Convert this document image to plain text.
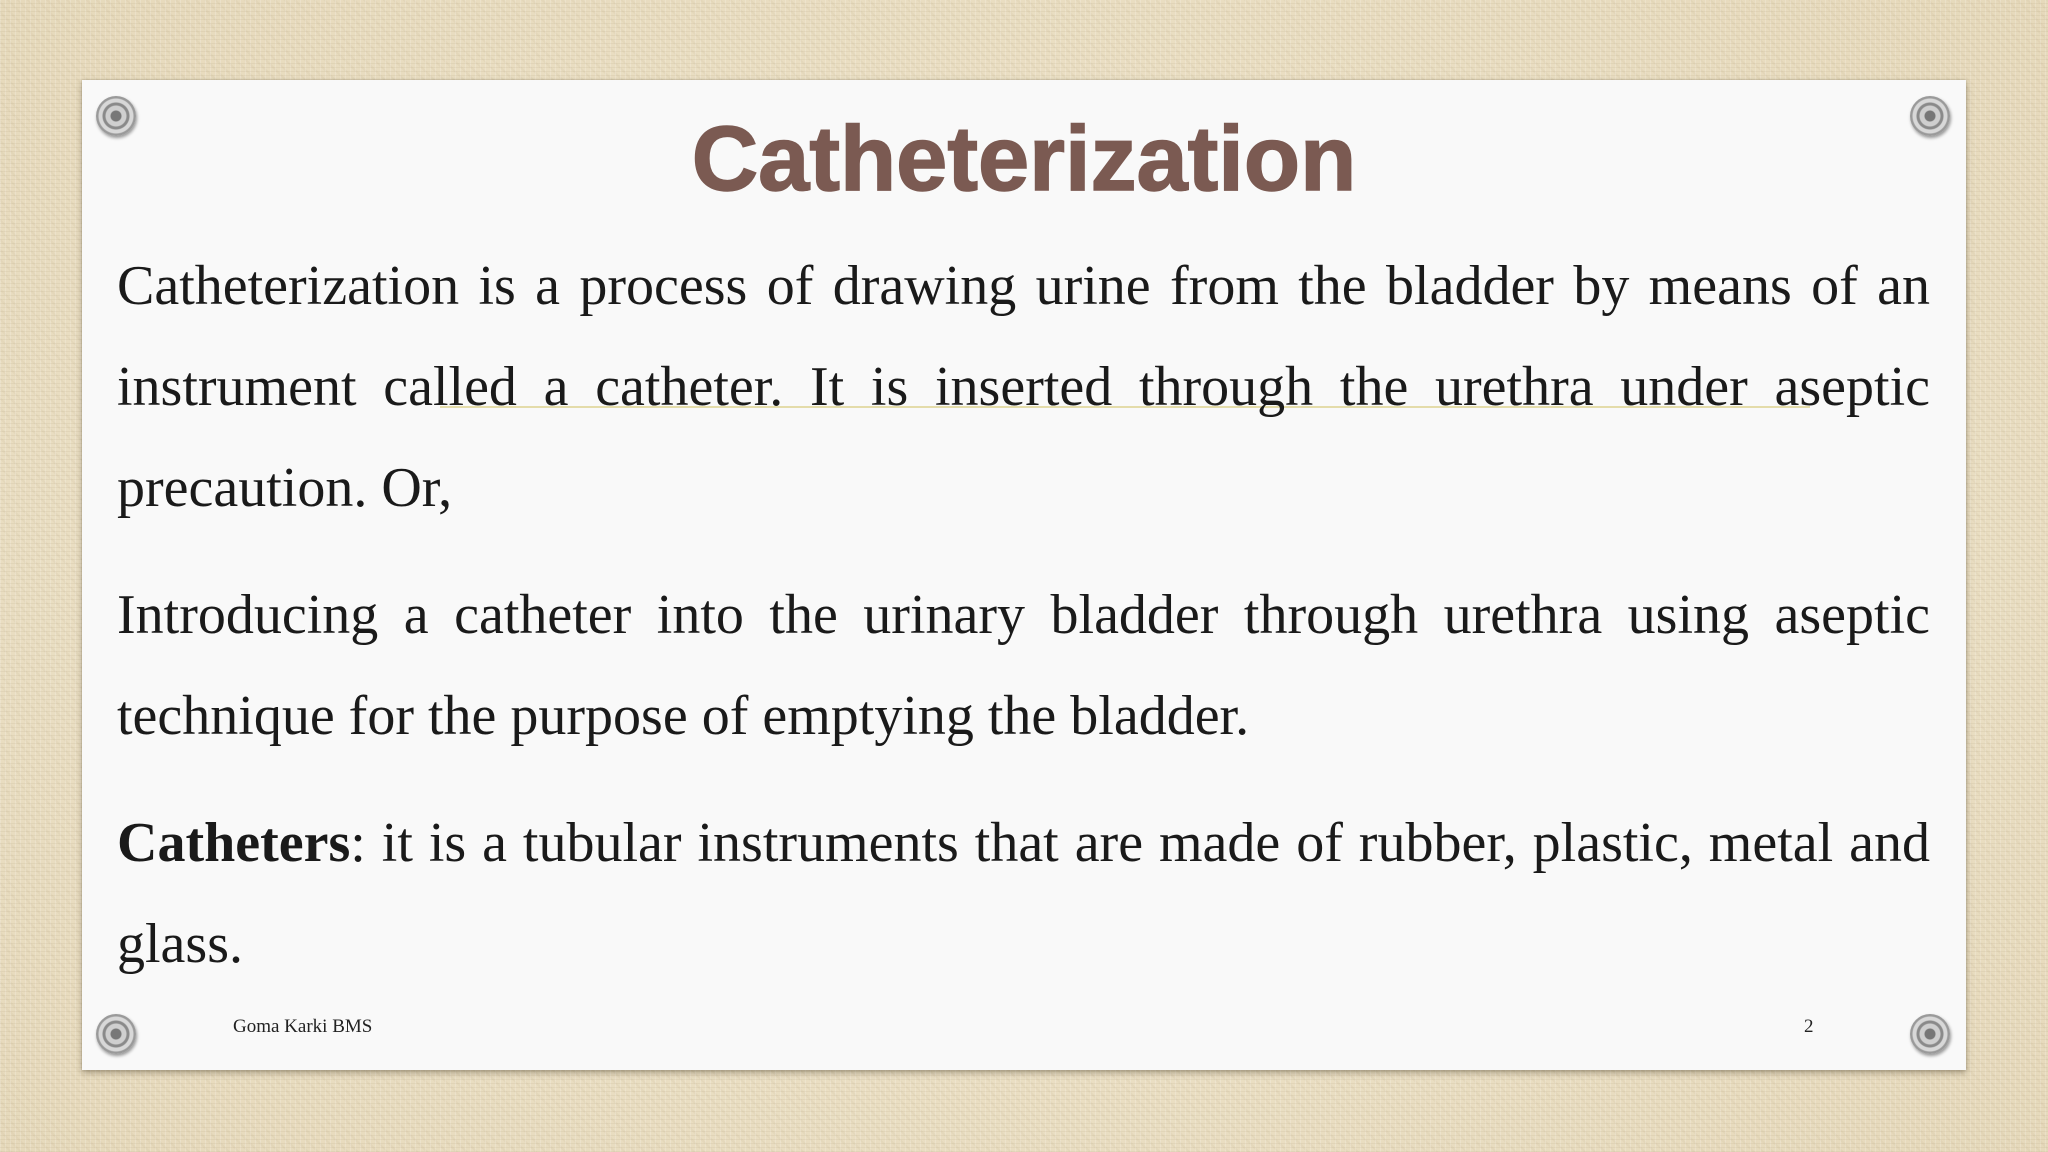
Catheterization

Catheterization is a process of drawing urine from the bladder by means of an instrument called a catheter. It is inserted through the urethra under aseptic precaution. Or,

Introducing a catheter into the urinary bladder through urethra using aseptic technique for the purpose of emptying the bladder.

Catheters: it is a tubular instruments that are made of rubber, plastic, metal and glass.

Goma Karki BMS	2
